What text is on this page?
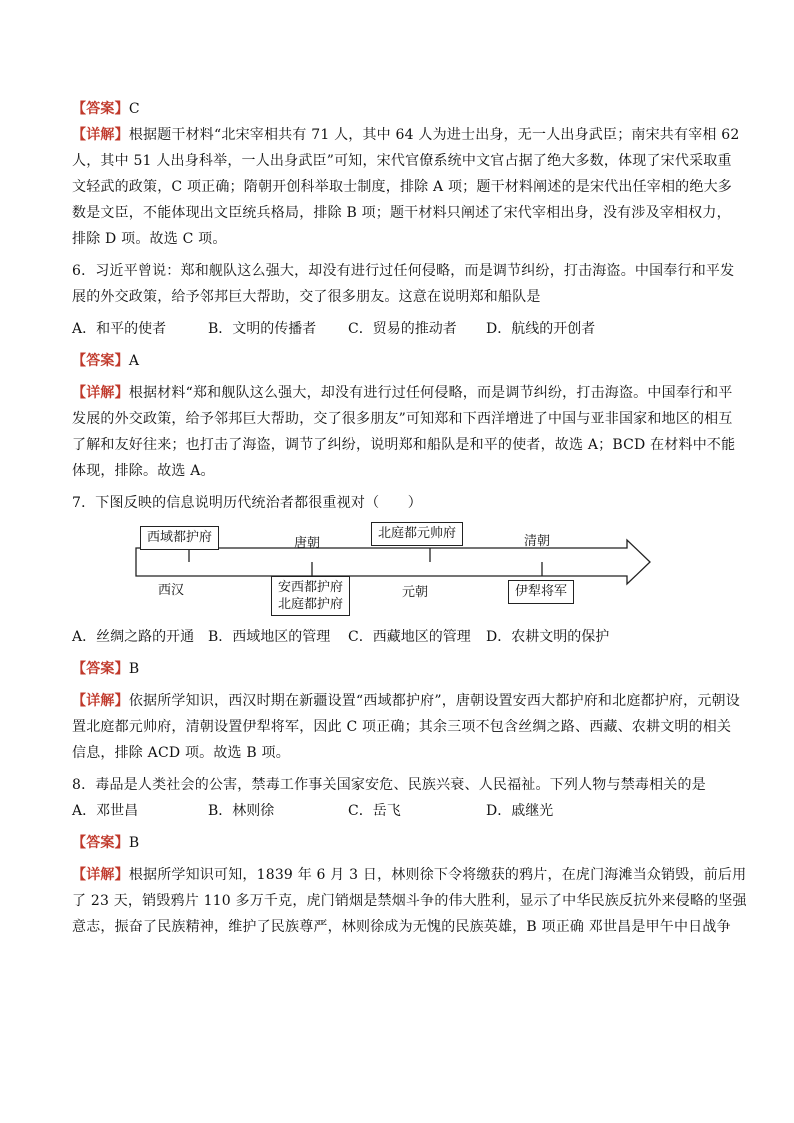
【答案】C
【详解】根据题干材料“北宋宰相共有 71 人，其中 64 人为进士出身，无一人出身武臣；南宋共有宰相 62
人，其中 51 人出身科举，一人出身武臣”可知，宋代官僚系统中文官占据了绝大多数，体现了宋代采取重
文轻武的政策，C 项正确；隋朝开创科举取士制度，排除 A 项；题干材料阐述的是宋代出任宰相的绝大多
数是文臣，不能体现出文臣统兵格局，排除 B 项；题干材料只阐述了宋代宰相出身，没有涉及宰相权力，
排除 D 项。故选 C 项。
6．习近平曾说：郑和舰队这么强大，却没有进行过任何侵略，而是调节纠纷，打击海盗。中国奉行和平发
展的外交政策，给予邻邦巨大帮助，交了很多朋友。这意在说明郑和船队是
A．和平的使者	B．文明的传播者	C．贸易的推动者	D．航线的开创者
【答案】A
【详解】根据材料“郑和舰队这么强大，却没有进行过任何侵略，而是调节纠纷，打击海盗。中国奉行和平
发展的外交政策，给予邻邦巨大帮助，交了很多朋友”可知郑和下西洋增进了中国与亚非国家和地区的相互
了解和友好往来；也打击了海盗，调节了纠纷，说明郑和船队是和平的使者，故选 A；BCD 在材料中不能
体现，排除。故选 A。
7．下图反映的信息说明历代统治者都很重视对（　　）
西域都护府	北庭都元帅府
唐朝	清朝
西汉	元朝
安西都护府
北庭都护府
伊犁将军
A．丝绸之路的开通 B．西域地区的管理	C．西藏地区的管理	D．农耕文明的保护
【答案】B
【详解】依据所学知识，西汉时期在新疆设置“西域都护府”，唐朝设置安西大都护府和北庭都护府，元朝设
置北庭都元帅府，清朝设置伊犁将军，因此 C 项正确；其余三项不包含丝绸之路、西藏、农耕文明的相关
信息，排除 ACD 项。故选 B 项。
8．毒品是人类社会的公害，禁毒工作事关国家安危、民族兴衰、人民福祉。下列人物与禁毒相关的是
A．邓世昌	B．林则徐	C．岳飞	D．戚继光
【答案】B
【详解】根据所学知识可知，1839 年 6 月 3 日，林则徐下令将缴获的鸦片，在虎门海滩当众销毁，前后用
了 23 天，销毁鸦片 110 多万千克，虎门销烟是禁烟斗争的伟大胜利，显示了中华民族反抗外来侵略的坚强
意志，振奋了民族精神，维护了民族尊严，林则徐成为无愧的民族英雄，B 项正确 邓世昌是甲午中日战争
